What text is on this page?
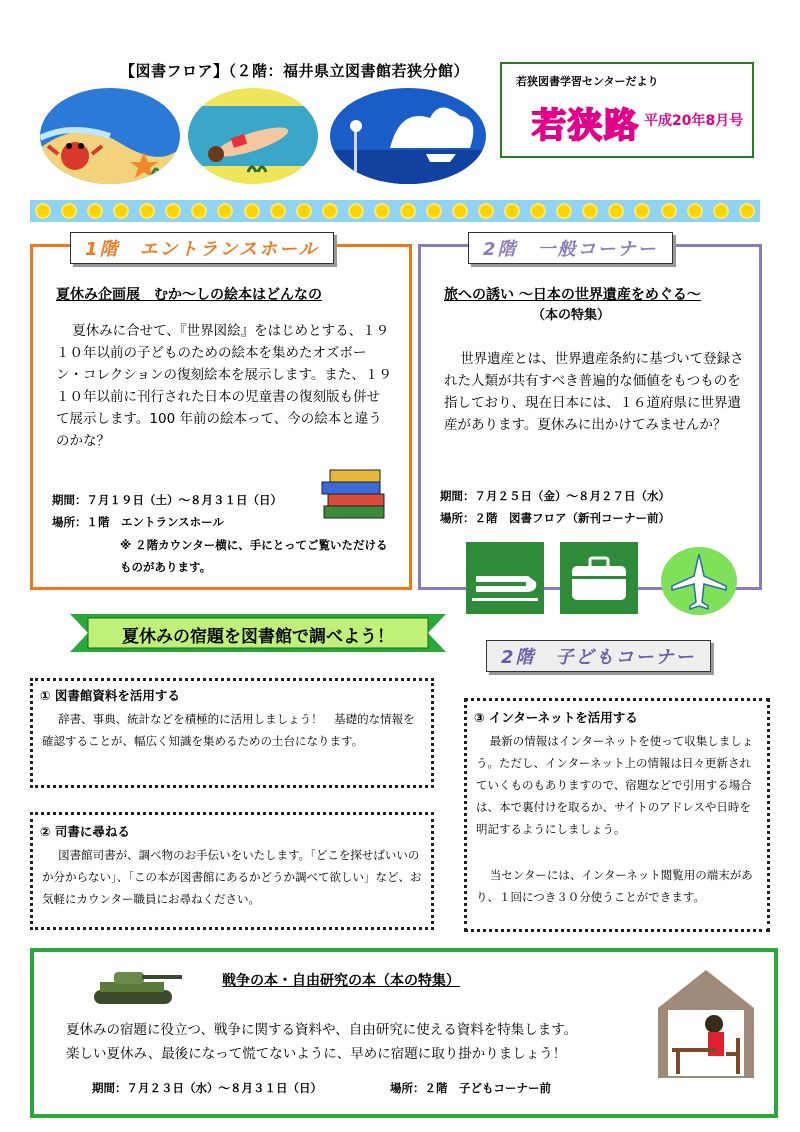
【図書フロア】（２階：福井県立図書館若狭分館）
若狭図書学習センターだより
若狭路 平成20年8月号
1階　エントランスホール
夏休み企画展　むか～しの絵本はどんなの
夏休みに合せて、『世界図絵』をはじめとする、１９１０年以前の子どものための絵本を集めたオズボーン・コレクションの復刻絵本を展示します。また、１９１０年以前に刊行された日本の児童書の復刻版も併せて展示します。100 年前の絵本って、今の絵本と違うのかな？
期間：７月１９日（土）～８月３１日（日）
場所：１階　エントランスホール
※ ２階カウンター横に、手にとってご覧いただけるものがあります。
2階　一般コーナー
旅への誘い ～日本の世界遺産をめぐる～
（本の特集）
世界遺産とは、世界遺産条約に基づいて登録された人類が共有すべき普遍的な価値をもつものを指しており、現在日本には、１６道府県に世界遺産があります。夏休みに出かけてみませんか？
期間：７月２５日（金）～８月２７日（水）
場所：２階　図書フロア（新刊コーナー前）
夏休みの宿題を図書館で調べよう！
2階　子どもコーナー
① 図書館資料を活用する
辞書、事典、統計などを積極的に活用しましょう！　基礎的な情報を確認することが、幅広く知識を集めるための土台になります。
② 司書に尋ねる
図書館司書が、調べ物のお手伝いをいたします。「どこを探せばいいのか分からない」、「この本が図書館にあるかどうか調べて欲しい」など、お気軽にカウンター職員にお尋ねください。
③ インターネットを活用する
最新の情報はインターネットを使って収集しましょう。ただし、インターネット上の情報は日々更新されていくものもありますので、宿題などで引用する場合は、本で裏付けを取るか、サイトのアドレスや日時を明記するようにしましょう。
当センターには、インターネット閲覧用の端末があり、１回につき３０分使うことができます。
戦争の本・自由研究の本（本の特集）
夏休みの宿題に役立つ、戦争に関する資料や、自由研究に使える資料を特集します。
楽しい夏休み、最後になって慌てないように、早めに宿題に取り掛かりましょう！
期間：７月２３日（水）～８月３１日（日）	場所：２階　子どもコーナー前
